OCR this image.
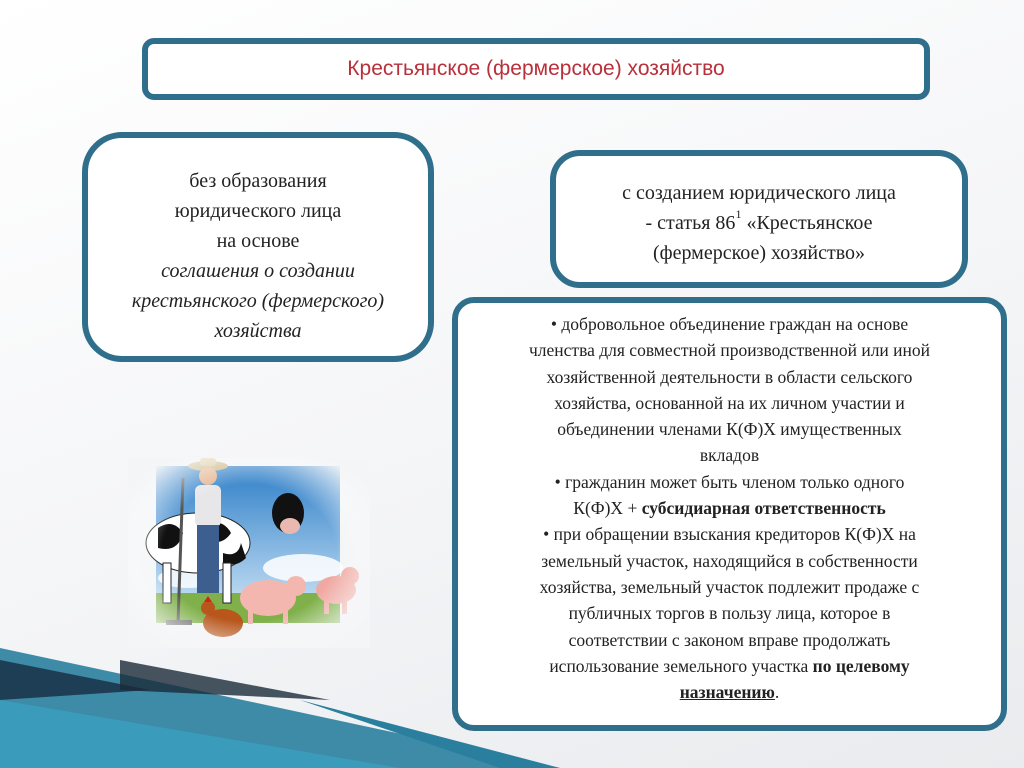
Крестьянское (фермерское) хозяйство
без образования
юридического лица
на основе
соглашения о создании
крестьянского (фермерского)
хозяйства
с созданием юридического лица
- статья $86^1$ «Крестьянское
(фермерское) хозяйство»

• добровольное объединение граждан на основе

членства для совместной производственной или иной

хозяйственной деятельности в области сельского

хозяйства, основанной на их личном участии и

объединении членами К(Ф)Х имущественных

вкладов

• гражданин может быть членом только одного

К(Ф)Х + субсидиарная ответственность

• при обращении взыскания кредиторов К(Ф)Х на

земельный участок, находящийся в собственности

хозяйства, земельный участок подлежит продаже с

публичных торгов в пользу лица, которое в

соответствии с законом вправе продолжать

использование земельного участка по целевому

назначению.
